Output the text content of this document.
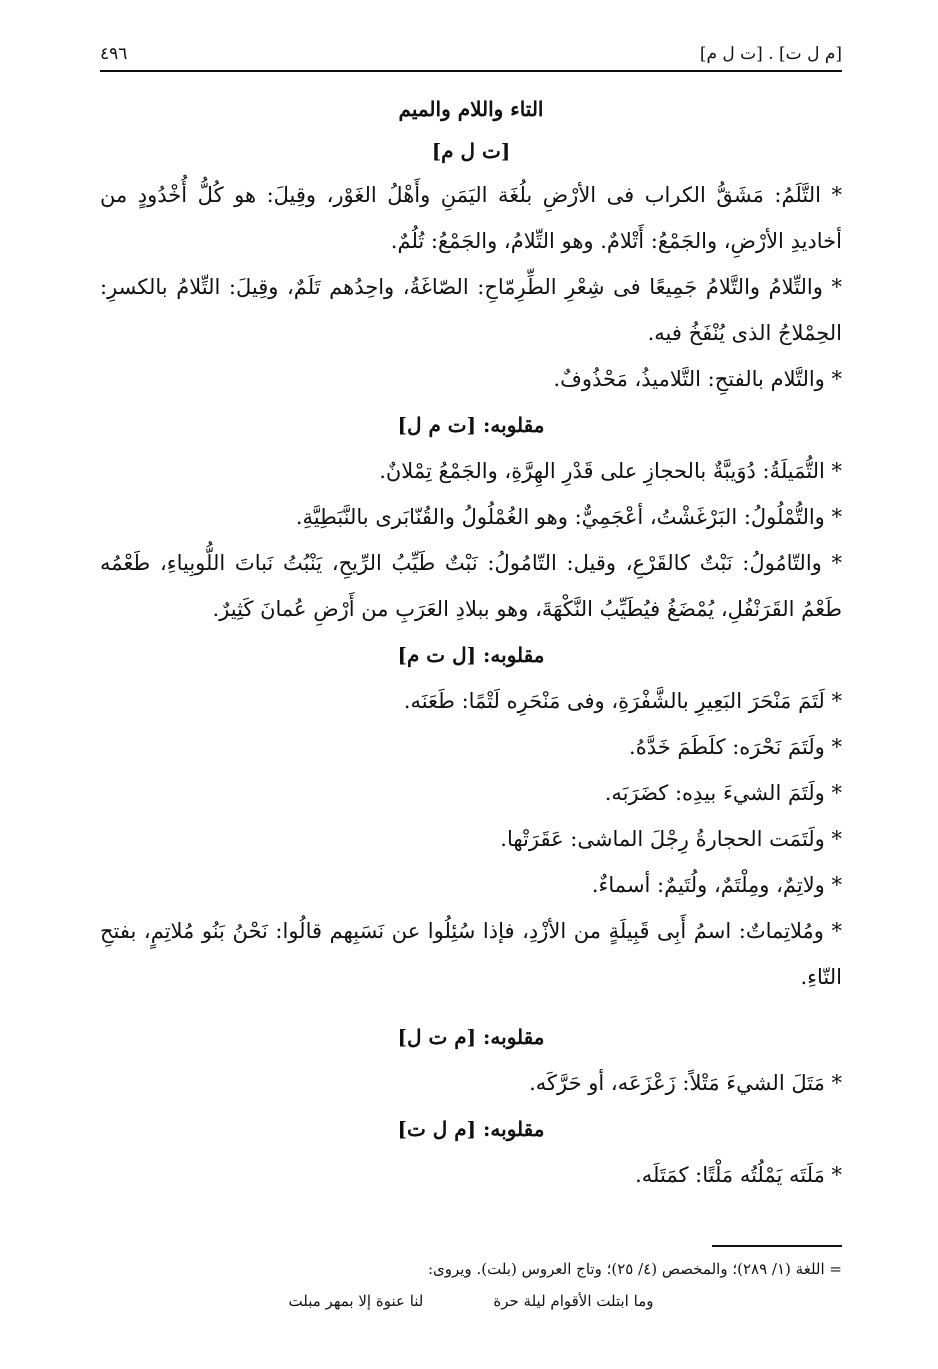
٤٩٦	[ت ل م] . [م ل ت]
التاء واللام والميم
[ت ل م]

* التَّلَمُ: مَشَقُّ الكراب فى الأرْضِ بلُغَة اليَمَنِ وأَهْلُ الغَوْر، وقِيلَ: هو كُلُّ أُخْدُودٍ من أخاديدِ الأرْضِ، والجَمْعُ: أَتْلامٌ. وهو التِّلامُ، والجَمْعُ: تُلُمٌ.

* والتِّلامُ والتَّلامُ جَمِيعًا فى شِعْرِ الطِّرِمّاحِ: الصّاغَةُ، واحِدُهم تَلَمٌ، وقِيلَ: التِّلامُ بالكسرِ: الحِمْلاجُ الذى يُنْفَخُ فيه.

* والتَّلام بالفتحِ: التَّلاميذُ، مَحْذُوفٌ.

مقلوبه: [ت م ل]

* التُّمَيلَةُ: دُوَيبَّةٌ بالحجازِ على قَدْرِ الهِرَّةِ، والجَمْعُ تِمْلانٌ.

* والتُّمْلُولُ: البَرْغَشْتُ، أعْجَمِيٌّ: وهو الغُمْلُولُ والقُنّابَرى بالنَّبَطِيَّةِ.

* والتّامُولُ: نَبْتٌ كالقَرْعِ، وقيل: التّامُولُ: نَبْتٌ طَيِّبُ الرِّيحِ، يَنْبُتُ نَباتَ اللُّوبِياءِ، طَعْمُه طَعْمُ القَرَنْفُلِ، يُمْضَغُ فيُطَيِّبُ النَّكْهَةَ، وهو ببلادِ العَرَبِ من أَرْضِ عُمانَ كَثِيرٌ.

مقلوبه: [ل ت م]

* لَتَمَ مَنْحَرَ البَعِيرِ بالشَّفْرَةِ، وفى مَنْحَرِه لَتْمًا: طَعَنَه.

* ولَتَمَ نَحْرَه: كلَطَمَ خَدَّهُ.

* ولَتَمَ الشيءَ بيدِه: كضَرَبَه.

* ولَتَمَت الحجارةُ رِجْلَ الماشى: عَقَرَتْها.

* ولاتِمٌ، ومِلْتَمٌ، ولُتَيمٌ: أسماءٌ.

* ومُلاتِماتٌ: اسمُ أَبِى قَبِيلَةٍ من الأزْدِ، فإذا سُئِلُوا عن نَسَبِهم قالُوا: نَحْنُ بَنُو مُلاتِمٍ، بفتحِ التّاءِ.

مقلوبه: [م ت ل]

* مَتَلَ الشيءَ مَتْلاً: زَعْزَعَه، أو حَرَّكَه.

مقلوبه: [م ل ت]

* مَلَتَه يَمْلُتُه مَلْتًا: كمَتَلَه.

= اللغة (١/ ٢٨٩)؛ والمخصص (٤/ ٢٥)؛ وتاج العروس (بلت). ويروى:
وما ابتلت الأقوام ليلة حرة
لنا عنوة إلا بمهر مبلت
